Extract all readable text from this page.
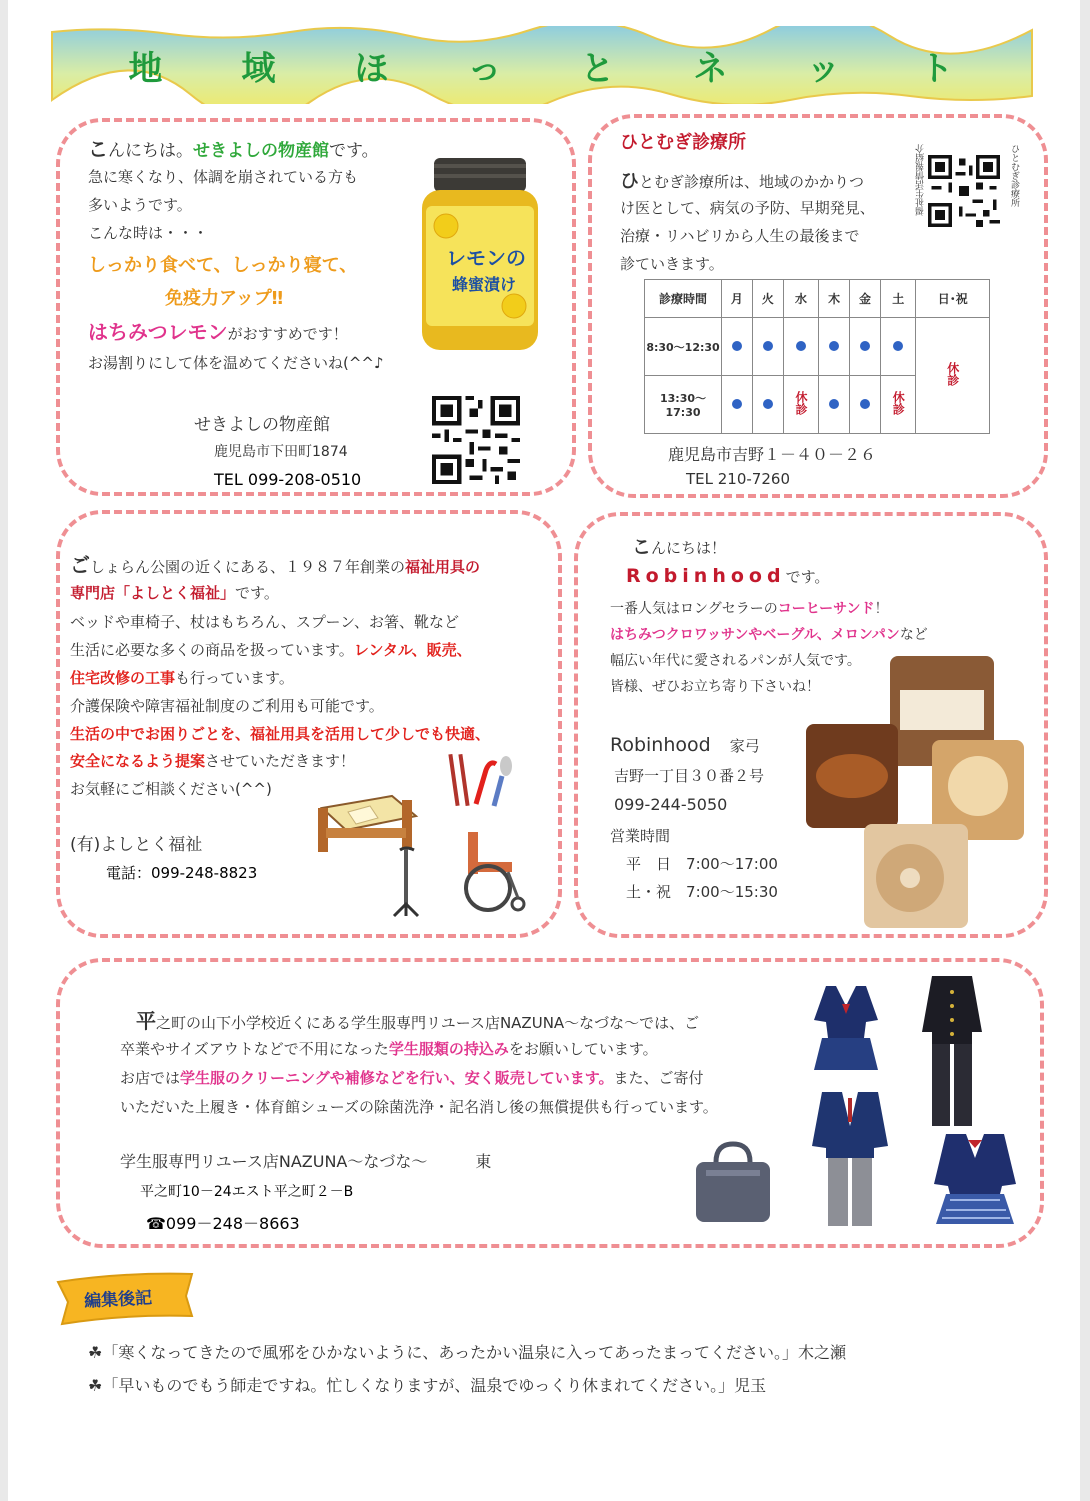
地 域 ほ っ と ネ ッ ト
こんにちは。せきよしの物産館です。
急に寒くなり、体調を崩されている方も
多いようです。
こんな時は・・・
しっかり食べて、しっかり寝て、
免疫力アップ‼
はちみつレモンがおすすめです！
お湯割りにして体を温めてくださいね(^^♪
レモンの
蜂蜜漬け
せきよしの物産館
鹿児島市下田町1874
TEL 099-208-0510
ひとむぎ診療所
ひとむぎ診療所は、地域のかかりつ
け医として、病気の予防、早期発見、
治療・リハビリから人生の最後まで
診ていきます。
福祉生活情報紹介	ひとむぎ診療所
診療時間	月	火	水	木	金	土	日･祝
8:30〜12:30							休診
13:30〜17:30			休診			休診	
鹿児島市吉野１－４０－２６
TEL 210-7260
ごしょらん公園の近くにある、１９８７年創業の福祉用具の
専門店「よしとく福祉」です。
ベッドや車椅子、杖はもちろん、スプーン、お箸、靴など
生活に必要な多くの商品を扱っています。レンタル、販売、
住宅改修の工事も行っています。
介護保険や障害福祉制度のご利用も可能です。
生活の中でお困りごとを、福祉用具を活用して少しでも快適、
安全になるよう提案させていただきます！
お気軽にご相談ください(^^)
(有)よしとく福祉
電話：099-248-8823
こんにちは！
Robinhoodです。
一番人気はロングセラーのコーヒーサンド！
はちみつクロワッサンやベーグル、メロンパンなど
幅広い年代に愛されるパンが人気です。
皆様、ぜひお立ち寄り下さいね！
Robinhood　 家弓
吉野一丁目３０番２号
099-244-5050
営業時間
平　日　 7:00〜17:00
土・祝　 7:00〜15:30
平之町の山下小学校近くにある学生服専門リユース店NAZUNA〜なづな〜では、ご
卒業やサイズアウトなどで不用になった学生服類の持込みをお願いしています。
お店では学生服のクリーニングや補修などを行い、安く販売しています。また、ご寄付
いただいた上履き・体育館シューズの除菌洗浄・記名消し後の無償提供も行っています。
学生服専門リユース店NAZUNA〜なづな〜　　　	東
平之町10－24エスト平之町２－B
☎099－248－8663
編集後記
☘「寒くなってきたので風邪をひかないように、あったかい温泉に入ってあったまってください。」木之瀬
☘「早いものでもう師走ですね。忙しくなりますが、温泉でゆっくり休まれてください。」児玉
